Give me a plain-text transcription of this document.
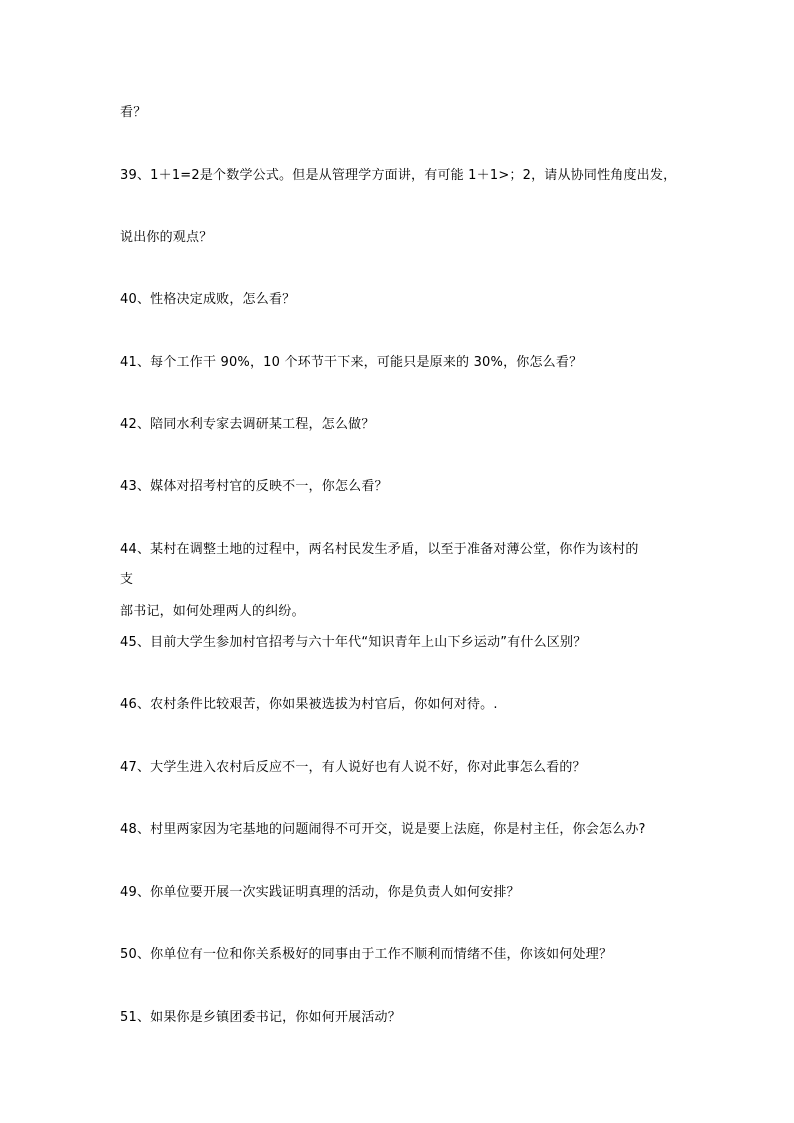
看？

39、1＋1=2是个数学公式。但是从管理学方面讲，有可能 1＋1>；2，请从协同性角度出发，

说出你的观点？

40、性格决定成败，怎么看？

41、每个工作干 90%，10 个环节干下来，可能只是原来的 30%，你怎么看？

42、陪同水利专家去调研某工程，怎么做？

43、媒体对招考村官的反映不一，你怎么看？

44、某村在调整土地的过程中，两名村民发生矛盾，以至于准备对薄公堂，你作为该村的

支

部书记，如何处理两人的纠纷。

45、目前大学生参加村官招考与六十年代“知识青年上山下乡运动”有什么区别？

46、农村条件比较艰苦，你如果被选拔为村官后，你如何对待。.

47、大学生进入农村后反应不一，有人说好也有人说不好，你对此事怎么看的？

48、村里两家因为宅基地的问题闹得不可开交，说是要上法庭，你是村主任，你会怎么办?

49、你单位要开展一次实践证明真理的活动，你是负责人如何安排？

50、你单位有一位和你关系极好的同事由于工作不顺利而情绪不佳，你该如何处理？

51、如果你是乡镇团委书记，你如何开展活动？
